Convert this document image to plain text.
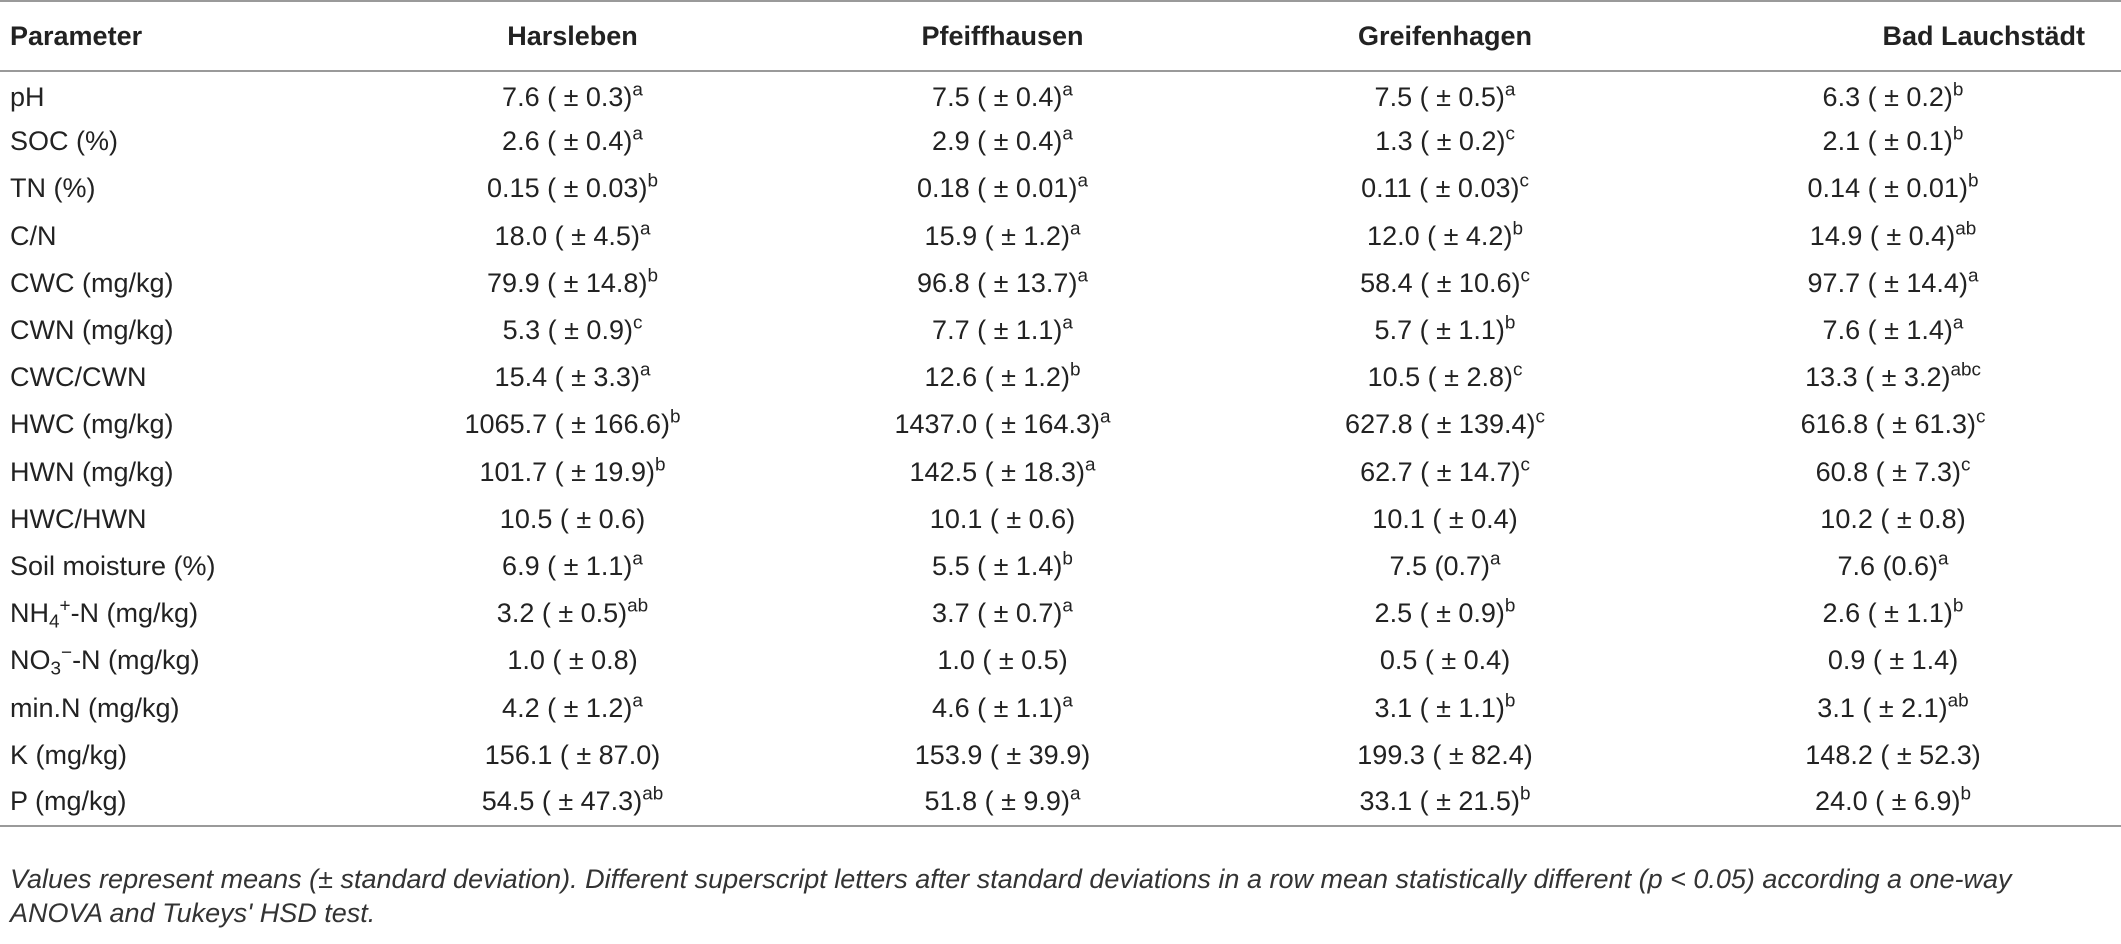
Parameter	Harsleben	Pfeiffhausen	Greifenhagen	Bad Lauchstädt
pH	7.6 ( ± 0.3)$^a$	7.5 ( ± 0.4)$^a$	7.5 ( ± 0.5)$^a$	6.3 ( ± 0.2)$^b$
SOC (%)	2.6 ( ± 0.4)$^a$	2.9 ( ± 0.4)$^a$	1.3 ( ± 0.2)$^c$	2.1 ( ± 0.1)$^b$
TN (%)	0.15 ( ± 0.03)$^b$	0.18 ( ± 0.01)$^a$	0.11 ( ± 0.03)$^c$	0.14 ( ± 0.01)$^b$
C/N	18.0 ( ± 4.5)$^a$	15.9 ( ± 1.2)$^a$	12.0 ( ± 4.2)$^b$	14.9 ( ± 0.4)$^{ab}$
CWC (mg/kg)	79.9 ( ± 14.8)$^b$	96.8 ( ± 13.7)$^a$	58.4 ( ± 10.6)$^c$	97.7 ( ± 14.4)$^a$
CWN (mg/kg)	5.3 ( ± 0.9)$^c$	7.7 ( ± 1.1)$^a$	5.7 ( ± 1.1)$^b$	7.6 ( ± 1.4)$^a$
CWC/CWN	15.4 ( ± 3.3)$^a$	12.6 ( ± 1.2)$^b$	10.5 ( ± 2.8)$^c$	13.3 ( ± 3.2)$^{abc}$
HWC (mg/kg)	1065.7 ( ± 166.6)$^b$	1437.0 ( ± 164.3)$^a$	627.8 ( ± 139.4)$^c$	616.8 ( ± 61.3)$^c$
HWN (mg/kg)	101.7 ( ± 19.9)$^b$	142.5 ( ± 18.3)$^a$	62.7 ( ± 14.7)$^c$	60.8 ( ± 7.3)$^c$
HWC/HWN	10.5 ( ± 0.6)	10.1 ( ± 0.6)	10.1 ( ± 0.4)	10.2 ( ± 0.8)
Soil moisture (%)	6.9 ( ± 1.1)$^a$	5.5 ( ± 1.4)$^b$	7.5 $(0.7)^a$	7.6 $(0.6)^a$
$NH_4^+-N$ (mg/kg)	3.2 ( ± 0.5)$^{ab}$	3.7 ( ± 0.7)$^a$	2.5 ( ± 0.9)$^b$	2.6 ( ± 1.1)$^b$
$NO_3^--N$ (mg/kg)	1.0 ( ± 0.8)	1.0 ( ± 0.5)	0.5 ( ± 0.4)	0.9 ( ± 1.4)
min.N (mg/kg)	4.2 ( ± 1.2)$^a$	4.6 ( ± 1.1)$^a$	3.1 ( ± 1.1)$^b$	3.1 ( ± 2.1)$^{ab}$
K (mg/kg)	156.1 ( ± 87.0)	153.9 ( ± 39.9)	199.3 ( ± 82.4)	148.2 ( ± 52.3)
P (mg/kg)	54.5 ( ± 47.3)$^{ab}$	51.8 ( ± 9.9)$^a$	33.1 ( ± 21.5)$^b$	24.0 ( ± 6.9)$^b$
Values represent means (± standard deviation). Different superscript letters after standard deviations in a row mean statistically different (p < 0.05) according a one-way ANOVA and Tukeys' HSD test.
